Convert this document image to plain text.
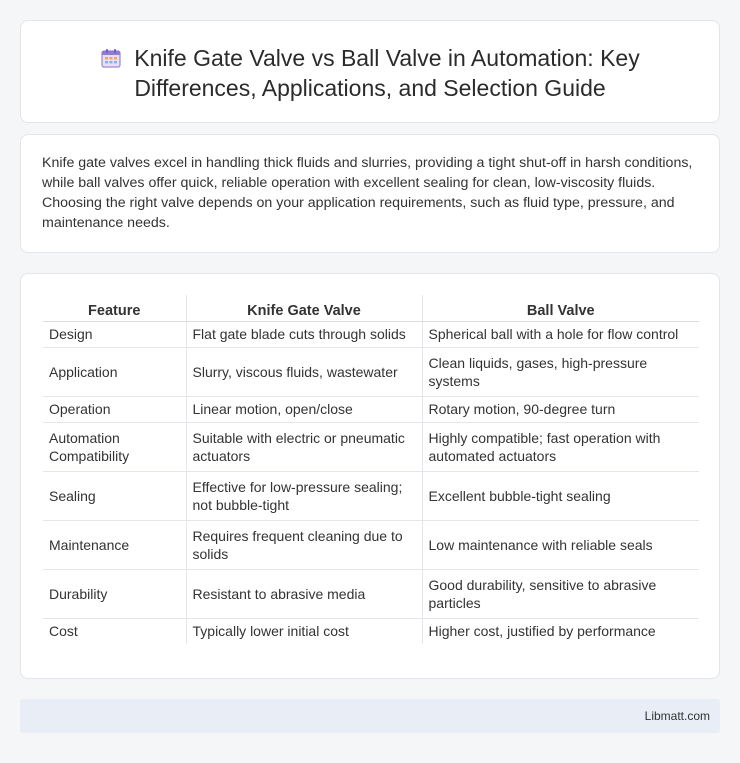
Knife Gate Valve vs Ball Valve in Automation: Key Differences, Applications, and Selection Guide

Knife gate valves excel in handling thick fluids and slurries, providing a tight shut-off in harsh conditions, while ball valves offer quick, reliable operation with excellent sealing for clean, low-viscosity fluids. Choosing the right valve depends on your application requirements, such as fluid type, pressure, and maintenance needs.

Feature	Knife Gate Valve	Ball Valve
Design	Flat gate blade cuts through solids	Spherical ball with a hole for flow control
Application	Slurry, viscous fluids, wastewater	Clean liquids, gases, high-pressure systems
Operation	Linear motion, open/close	Rotary motion, 90-degree turn
Automation Compatibility	Suitable with electric or pneumatic actuators	Highly compatible; fast operation with automated actuators
Sealing	Effective for low-pressure sealing; not bubble-tight	Excellent bubble-tight sealing
Maintenance	Requires frequent cleaning due to solids	Low maintenance with reliable seals
Durability	Resistant to abrasive media	Good durability, sensitive to abrasive particles
Cost	Typically lower initial cost	Higher cost, justified by performance
Libmatt.com
